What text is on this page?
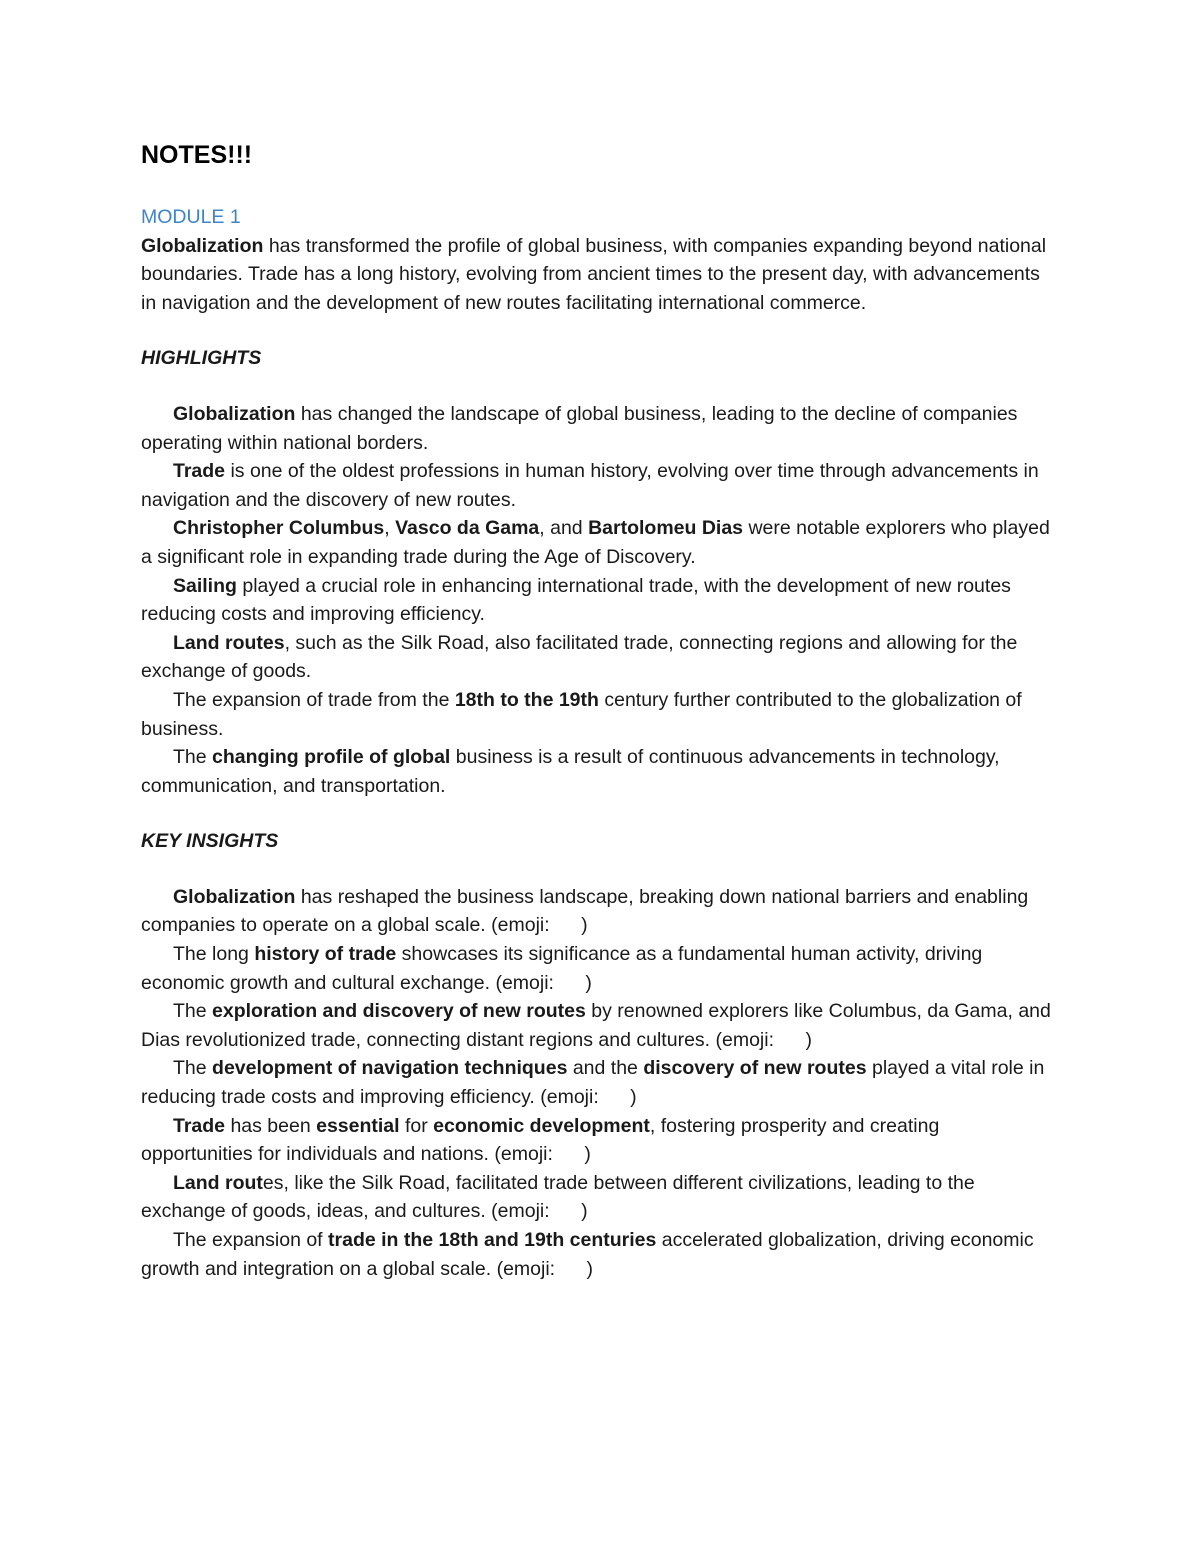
NOTES!!!
MODULE 1

Globalization has transformed the profile of global business, with companies expanding beyond national boundaries. Trade has a long history, evolving from ancient times to the present day, with advancements in navigation and the development of new routes facilitating international commerce.

HIGHLIGHTS

Globalization has changed the landscape of global business, leading to the decline of companies operating within national borders.

Trade is one of the oldest professions in human history, evolving over time through advancements in navigation and the discovery of new routes.

Christopher Columbus, Vasco da Gama, and Bartolomeu Dias were notable explorers who played a significant role in expanding trade during the Age of Discovery.

Sailing played a crucial role in enhancing international trade, with the development of new routes reducing costs and improving efficiency.

Land routes, such as the Silk Road, also facilitated trade, connecting regions and allowing for the exchange of goods.

The expansion of trade from the 18th to the 19th century further contributed to the globalization of business.

The changing profile of global business is a result of continuous advancements in technology, communication, and transportation.

KEY INSIGHTS

Globalization has reshaped the business landscape, breaking down national barriers and enabling companies to operate on a global scale. (emoji: )

The long history of trade showcases its significance as a fundamental human activity, driving economic growth and cultural exchange. (emoji: )

The exploration and discovery of new routes by renowned explorers like Columbus, da Gama, and Dias revolutionized trade, connecting distant regions and cultures. (emoji: )

The development of navigation techniques and the discovery of new routes played a vital role in reducing trade costs and improving efficiency. (emoji: )

Trade has been essential for economic development, fostering prosperity and creating opportunities for individuals and nations. (emoji: )

Land routes, like the Silk Road, facilitated trade between different civilizations, leading to the exchange of goods, ideas, and cultures. (emoji: )

The expansion of trade in the 18th and 19th centuries accelerated globalization, driving economic growth and integration on a global scale. (emoji: )
